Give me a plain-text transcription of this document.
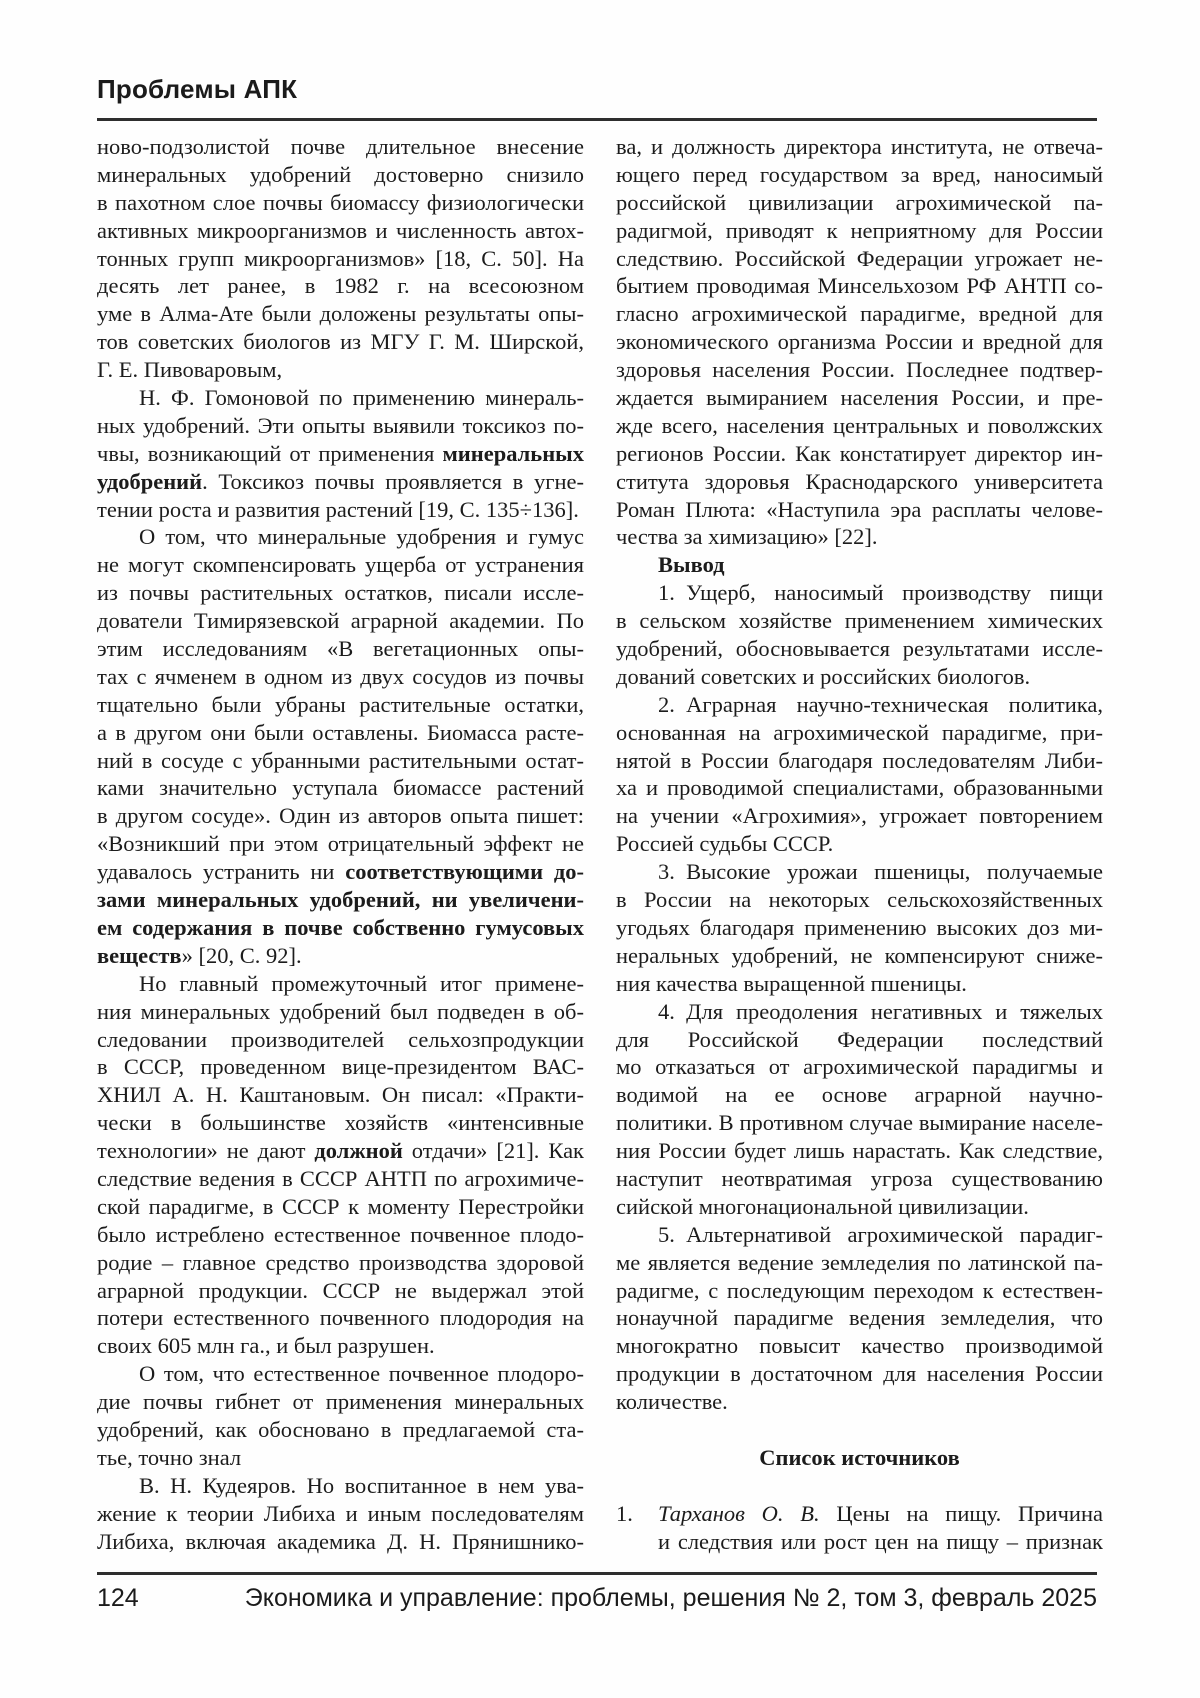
Проблемы АПК
ново-подзолистой почве длительное внесение
минеральных удобрений достоверно снизило
в пахотном слое почвы биомассу физиологически
активных микроорганизмов и численность автох-
тонных групп микроорганизмов» [18, С. 50]. На
десять лет ранее, в 1982 г. на всесоюзном
уме в Алма-Ате были доложены результаты опы-
тов советских биологов из МГУ Г. М. Ширской,
Г. Е. Пивоваровым,
Н. Ф. Гомоновой по применению минераль-
ных удобрений. Эти опыты выявили токсикоз по-
чвы, возникающий от применения минеральных
удобрений. Токсикоз почвы проявляется в угне-
тении роста и развития растений [19, С. 135÷136].
О том, что минеральные удобрения и гумус
не могут скомпенсировать ущерба от устранения
из почвы растительных остатков, писали иссле-
дователи Тимирязевской аграрной академии. По
этим исследованиям «В вегетационных опы-
тах с ячменем в одном из двух сосудов из почвы
тщательно были убраны растительные остатки,
а в другом они были оставлены. Биомасса расте-
ний в сосуде с убранными растительными остат-
ками значительно уступала биомассе растений
в другом сосуде». Один из авторов опыта пишет:
«Возникший при этом отрицательный эффект не
удавалось устранить ни соответствующими до-
зами минеральных удобрений, ни увеличени-
ем содержания в почве собственно гумусовых
веществ» [20, С. 92].
Но главный промежуточный итог примене-
ния минеральных удобрений был подведен в об-
следовании производителей сельхозпродукции
в СССР, проведенном вице-президентом ВАС-
ХНИЛ А. Н. Каштановым. Он писал: «Практи-
чески в большинстве хозяйств «интенсивные
технологии» не дают должной отдачи» [21]. Как
следствие ведения в СССР АНТП по агрохимиче-
ской парадигме, в СССР к моменту Перестройки
было истреблено естественное почвенное плодо-
родие – главное средство производства здоровой
аграрной продукции. СССР не выдержал этой
потери естественного почвенного плодородия на
своих 605 млн га., и был разрушен.
О том, что естественное почвенное плодоро-
дие почвы гибнет от применения минеральных
удобрений, как обосновано в предлагаемой ста-
тье, точно знал
В. Н. Кудеяров. Но воспитанное в нем ува-
жение к теории Либиха и иным последователям
Либиха, включая академика Д. Н. Прянишнико-
ва, и должность директора института, не отвеча-
ющего перед государством за вред, наносимый
российской цивилизации агрохимической па-
радигмой, приводят к неприятному для России
следствию. Российской Федерации угрожает не-
бытием проводимая Минсельхозом РФ АНТП со-
гласно агрохимической парадигме, вредной для
экономического организма России и вредной для
здоровья населения России. Последнее подтвер-
ждается вымиранием населения России, и пре-
жде всего, населения центральных и поволжских
регионов России. Как констатирует директор ин-
ститута здоровья Краснодарского университета
Роман Плюта: «Наступила эра расплаты челове-
чества за химизацию» [22].
Вывод
1. Ущерб, наносимый производству пищи
в сельском хозяйстве применением химических
удобрений, обосновывается результатами иссле-
дований советских и российских биологов.
2. Аграрная научно-техническая политика,
основанная на агрохимической парадигме, при-
нятой в России благодаря последователям Либи-
ха и проводимой специалистами, образованными
на учении «Агрохимия», угрожает повторением
Россией судьбы СССР.
3. Высокие урожаи пшеницы, получаемые
в России на некоторых сельскохозяйственных
угодьях благодаря применению высоких доз ми-
неральных удобрений, не компенсируют сниже-
ния качества выращенной пшеницы.
4. Для преодоления негативных и тяжелых
для Российской Федерации последствий
мо отказаться от агрохимической парадигмы и
водимой на ее основе аграрной научно-
политики. В противном случае вымирание населе-
ния России будет лишь нарастать. Как следствие,
наступит неотвратимая угроза существованию
сийской многонациональной цивилизации.
5. Альтернативой агрохимической парадиг-
ме является ведение земледелия по латинской па-
радигме, с последующим переходом к естествен-
нонаучной парадигме ведения земледелия, что
многократно повысит качество производимой
продукции в достаточном для населения России
количестве.
Список источников
1.	Тарханов О. В. Цены на пищу. Причина
и следствия или рост цен на пищу – признак
124	Экономика и управление: проблемы, решения № 2, том 3, февраль 2025
